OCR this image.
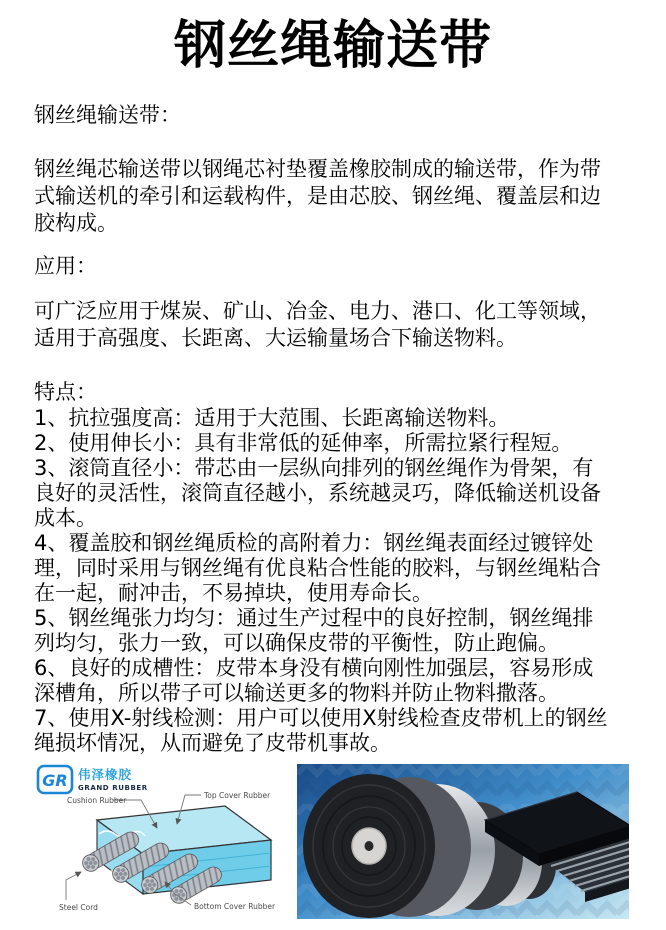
钢丝绳输送带

钢丝绳输送带：

钢丝绳芯输送带以钢绳芯衬垫覆盖橡胶制成的输送带，作为带式输送机的牵引和运载构件，是由芯胶、钢丝绳、覆盖层和边胶构成。

应用：

可广泛应用于煤炭、矿山、冶金、电力、港口、化工等领域，适用于高强度、长距离、大运输量场合下输送物料。

特点：

1、抗拉强度高：适用于大范围、长距离输送物料。
2、使用伸长小：具有非常低的延伸率，所需拉紧行程短。
3、滚筒直径小：带芯由一层纵向排列的钢丝绳作为骨架，有良好的灵活性，滚筒直径越小，系统越灵巧，降低输送机设备成本。
4、覆盖胶和钢丝绳质检的高附着力：钢丝绳表面经过镀锌处理，同时采用与钢丝绳有优良粘合性能的胶料，与钢丝绳粘合在一起，耐冲击，不易掉块，使用寿命长。
5、钢丝绳张力均匀：通过生产过程中的良好控制，钢丝绳排列均匀，张力一致，可以确保皮带的平衡性，防止跑偏。
6、良好的成槽性：皮带本身没有横向刚性加强层，容易形成深槽角，所以带子可以输送更多的物料并防止物料撒落。
7、使用X-射线检测：用户可以使用X射线检查皮带机上的钢丝绳损坏情况，从而避免了皮带机事故。
GR 伟泽橡胶
GRAND RUBBER
Cushion Rubber
Top Cover Rubber
Steel Cord	Bottom Cover Rubber
